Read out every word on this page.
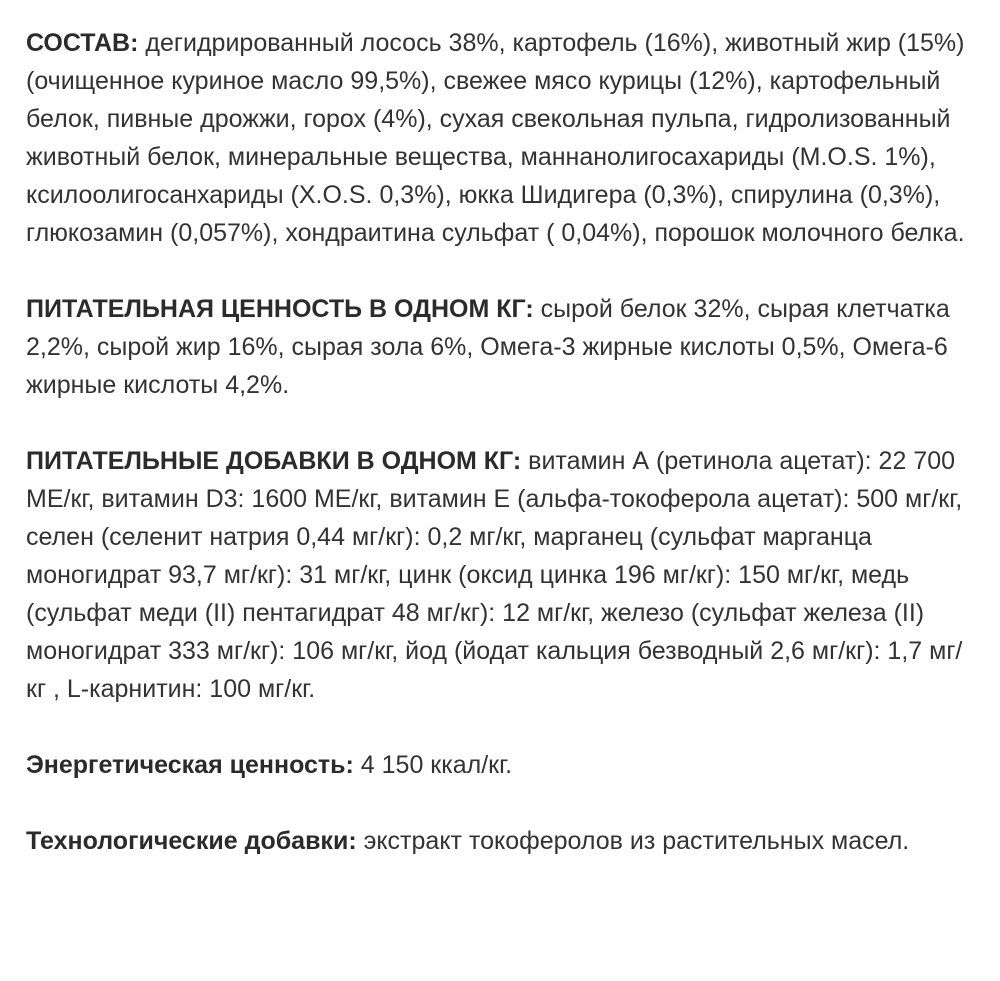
СОСТАВ: дегидрированный лосось 38%, картофель (16%), животный жир (15%) (очищенное куриное масло 99,5%), свежее мясо курицы (12%), картофельный белок, пивные дрожжи, горох (4%), сухая свекольная пульпа, гидролизованный животный белок, минеральные вещества, маннанолигосахариды (M.O.S. 1%), ксилоолигосанхариды (X.O.S. 0,3%), юкка Шидигера (0,3%), спирулина (0,3%), глюкозамин (0,057%), хондраитина сульфат ( 0,04%), порошок молочного белка.

ПИТАТЕЛЬНАЯ ЦЕННОСТЬ В ОДНОМ КГ: сырой белок 32%, сырая клетчатка 2,2%, сырой жир 16%, сырая зола 6%, Омега-3 жирные кислоты 0,5%, Омега-6 жирные кислоты 4,2%.

ПИТАТЕЛЬНЫЕ ДОБАВКИ В ОДНОМ КГ: витамин А (ретинола ацетат): 22 700 МЕ/кг, витамин D3: 1600 МЕ/кг, витамин Е (альфа-токоферола ацетат): 500 мг/кг, селен (селенит натрия 0,44 мг/кг): 0,2 мг/кг, марганец (сульфат марганца моногидрат 93,7 мг/кг): 31 мг/кг, цинк (оксид цинка 196 мг/кг): 150 мг/кг, медь (сульфат меди (II) пентагидрат 48 мг/кг): 12 мг/кг, железо (сульфат железа (II) моногидрат 333 мг/кг): 106 мг/кг, йод (йодат кальция безводный 2,6 мг/кг): 1,7 мг/кг , L-карнитин: 100 мг/кг.

Энергетическая ценность: 4 150 ккал/кг.

Технологические добавки: экстракт токоферолов из растительных масел.
